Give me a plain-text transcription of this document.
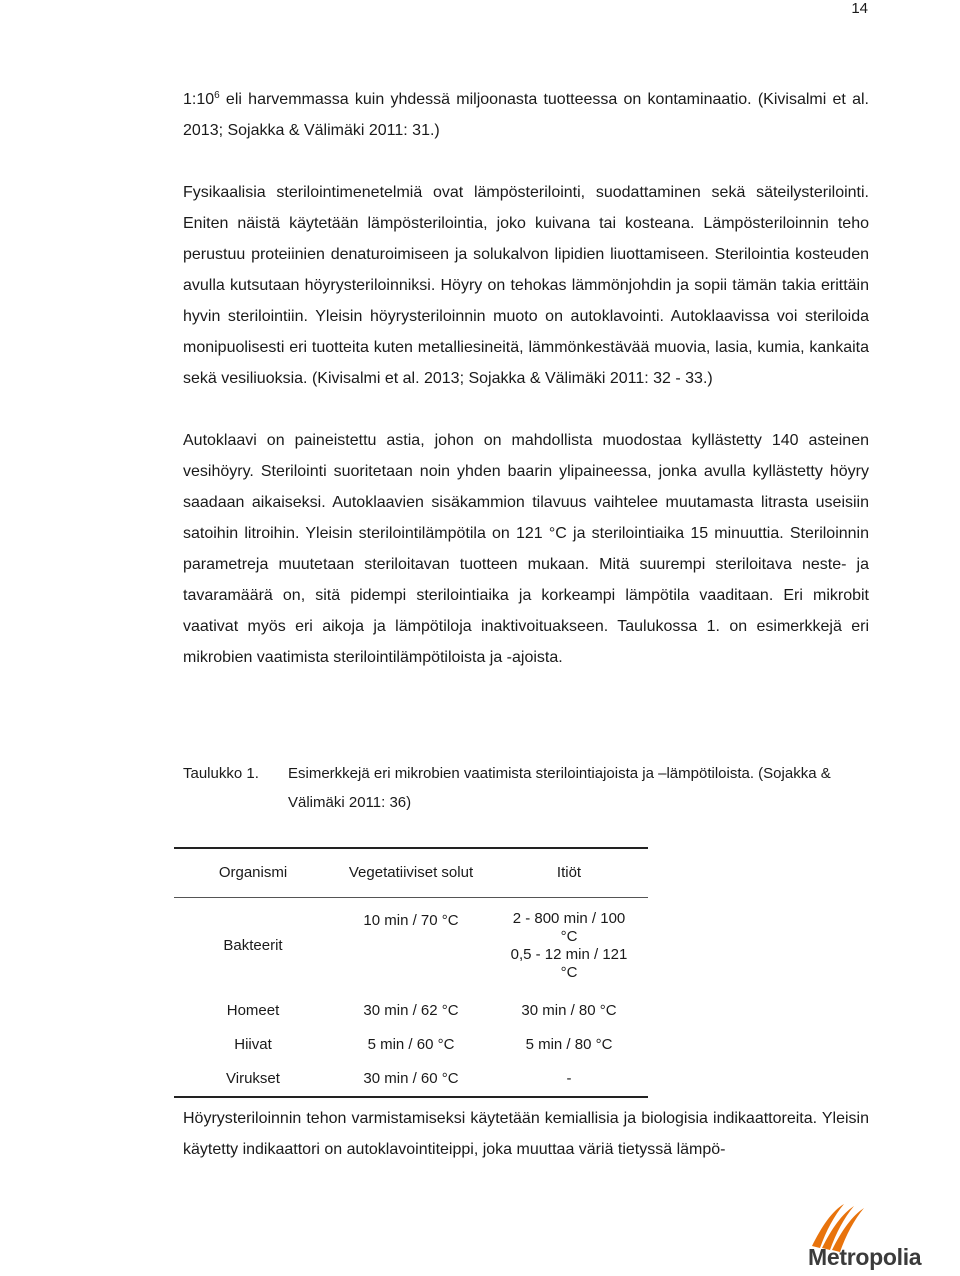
14

$1:10^6$ eli harvemmassa kuin yhdessä miljoonasta tuotteessa on kontaminaatio. (Kivisalmi et al. 2013; Sojakka & Välimäki 2011: 31.)

Fysikaalisia sterilointimenetelmiä ovat lämpösterilointi, suodattaminen sekä säteilysterilointi. Eniten näistä käytetään lämpösterilointia, joko kuivana tai kosteana. Lämpösteriloinnin teho perustuu proteiinien denaturoimiseen ja solukalvon lipidien liuottamiseen. Sterilointia kosteuden avulla kutsutaan höyrysteriloinniksi. Höyry on tehokas lämmönjohdin ja sopii tämän takia erittäin hyvin sterilointiin. Yleisin höyrysteriloinnin muoto on autoklavointi. Autoklaavissa voi steriloida monipuolisesti eri tuotteita kuten metalliesineitä, lämmönkestävää muovia, lasia, kumia, kankaita sekä vesiliuoksia. (Kivisalmi et al. 2013; Sojakka & Välimäki 2011: 32 - 33.)

Autoklaavi on paineistettu astia, johon on mahdollista muodostaa kyllästetty 140 asteinen vesihöyry. Sterilointi suoritetaan noin yhden baarin ylipaineessa, jonka avulla kyllästetty höyry saadaan aikaiseksi. Autoklaavien sisäkammion tilavuus vaihtelee muutamasta litrasta useisiin satoihin litroihin. Yleisin sterilointilämpötila on 121 °C ja sterilointiaika 15 minuuttia. Steriloinnin parametreja muutetaan steriloitavan tuotteen mukaan. Mitä suurempi steriloitava neste- ja tavaramäärä on, sitä pidempi sterilointiaika ja korkeampi lämpötila vaaditaan. Eri mikrobit vaativat myös eri aikoja ja lämpötiloja inaktivoituakseen. Taulukossa 1. on esimerkkejä eri mikrobien vaatimista sterilointilämpötiloista ja -ajoista.

Taulukko 1. Esimerkkejä eri mikrobien vaatimista sterilointiajoista ja –lämpötiloista. (Sojakka & Välimäki 2011: 36)
Organismi	Vegetatiiviset solut	Itiöt
Bakteerit	10 min / 70 °C	2 - 800 min / 100 °C
0,5 - 12 min / 121 °C

Homeet	30 min / 62 °C	30 min / 80 °C
Hiivat	5 min / 60 °C	5 min / 80 °C
Virukset	30 min / 60 °C	-

Höyrysteriloinnin tehon varmistamiseksi käytetään kemiallisia ja biologisia indikaattoreita. Yleisin käytetty indikaattori on autoklavointiteippi, joka muuttaa väriä tietyssä lämpö-

Metropolia
